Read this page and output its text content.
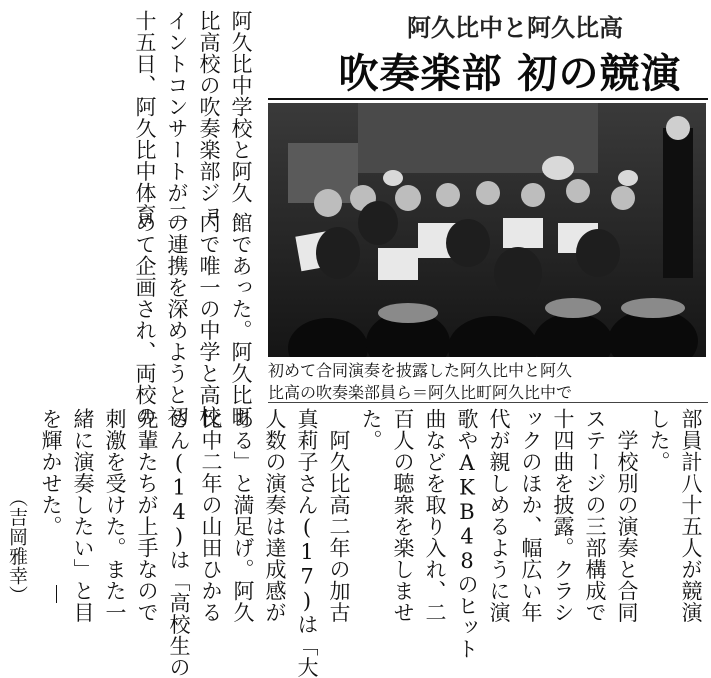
阿久比中と阿久比高
吹奏楽部 初の競演
初めて合同演奏を披露した阿久比中と阿久
比高の吹奏楽部員ら＝阿久比町阿久比中で
阿久比中学校と阿久
比高校の吹奏楽部ジョ
イントコンサートが二
十五日、阿久比中体育
館であった。阿久比町
内で唯一の中学と高校
の連携を深めようと初
めて企画され、両校の
部員計八十五人が競演
した。
　学校別の演奏と合同
ステージの三部構成で
十四曲を披露。クラシ
ックのほか、幅広い年
代が親しめるように演
歌やAKB48のヒット
曲などを取り入れ、二
百人の聴衆を楽しませ
た。
　阿久比高二年の加古
真莉子さん(17)は「大
人数の演奏は達成感が
ある」と満足げ。阿久
比中二年の山田ひかる
さん(14)は「高校生の
先輩たちが上手なので
刺激を受けた。また一
緒に演奏したい」と目
を輝かせた。
（吉岡雅幸）
